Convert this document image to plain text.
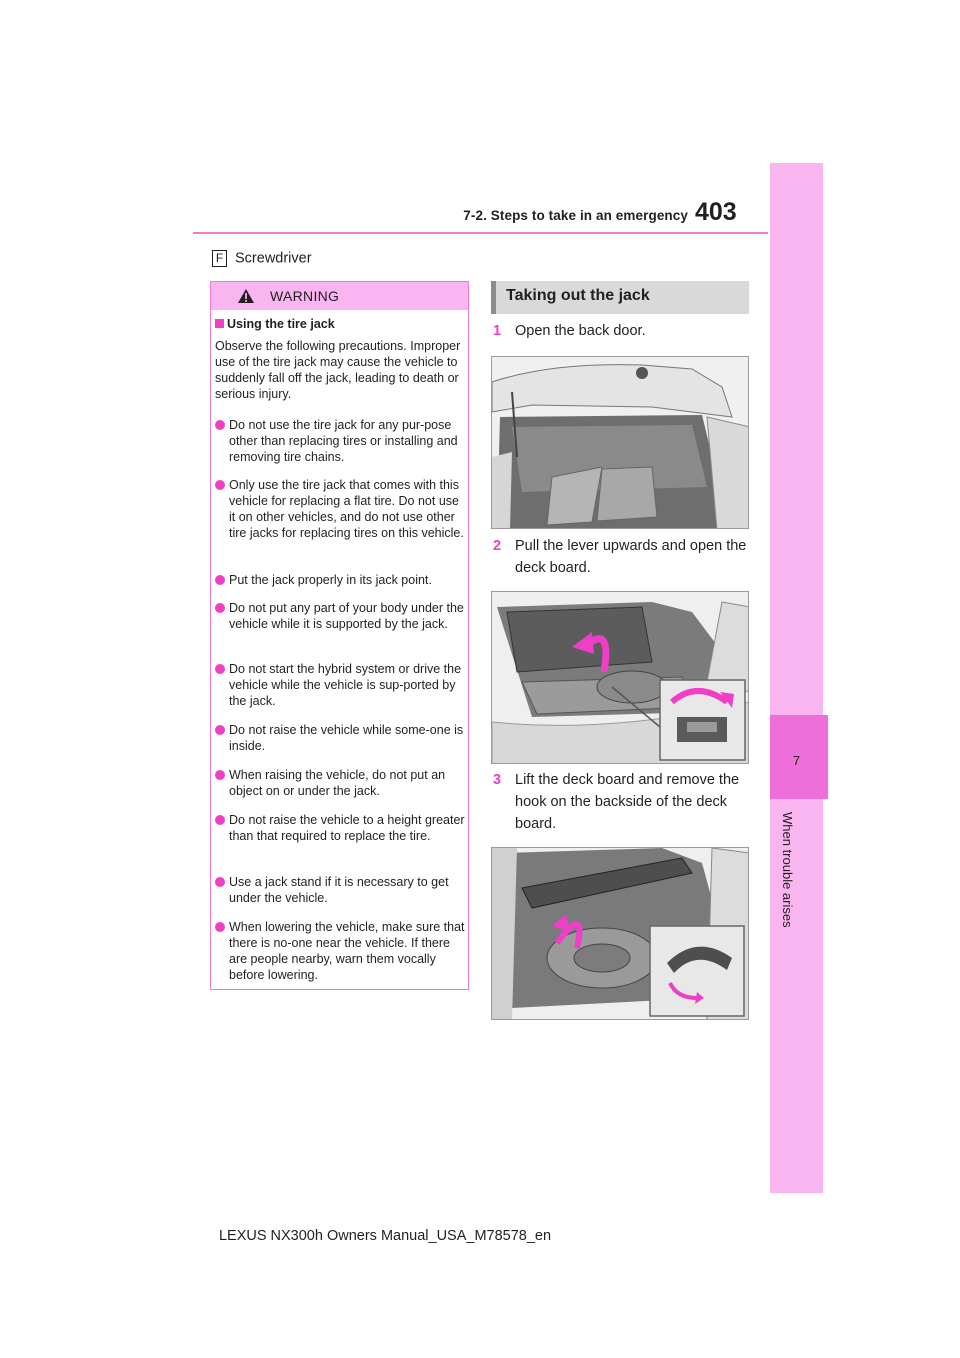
7-2. Steps to take in an emergency 403
7
When trouble arises
F Screwdriver
WARNING
Using the tire jack
Observe the following precautions. Improper use of the tire jack may cause the vehicle to suddenly fall off the jack, leading to death or serious injury.
Do not use the tire jack for any pur-pose other than replacing tires or installing and removing tire chains.
Only use the tire jack that comes with this vehicle for replacing a flat tire. Do not use it on other vehicles, and do not use other tire jacks for replacing tires on this vehicle.
Put the jack properly in its jack point.
Do not put any part of your body under the vehicle while it is supported by the jack.
Do not start the hybrid system or drive the vehicle while the vehicle is sup-ported by the jack.
Do not raise the vehicle while some-one is inside.
When raising the vehicle, do not put an object on or under the jack.
Do not raise the vehicle to a height greater than that required to replace the tire.
Use a jack stand if it is necessary to get under the vehicle.
When lowering the vehicle, make sure that there is no-one near the vehicle. If there are people nearby, warn them vocally before lowering.
Taking out the jack
1 Open the back door.
2 Pull the lever upwards and open the deck board.
3 Lift the deck board and remove the hook on the backside of the deck board.
LEXUS NX300h Owners Manual_USA_M78578_en
